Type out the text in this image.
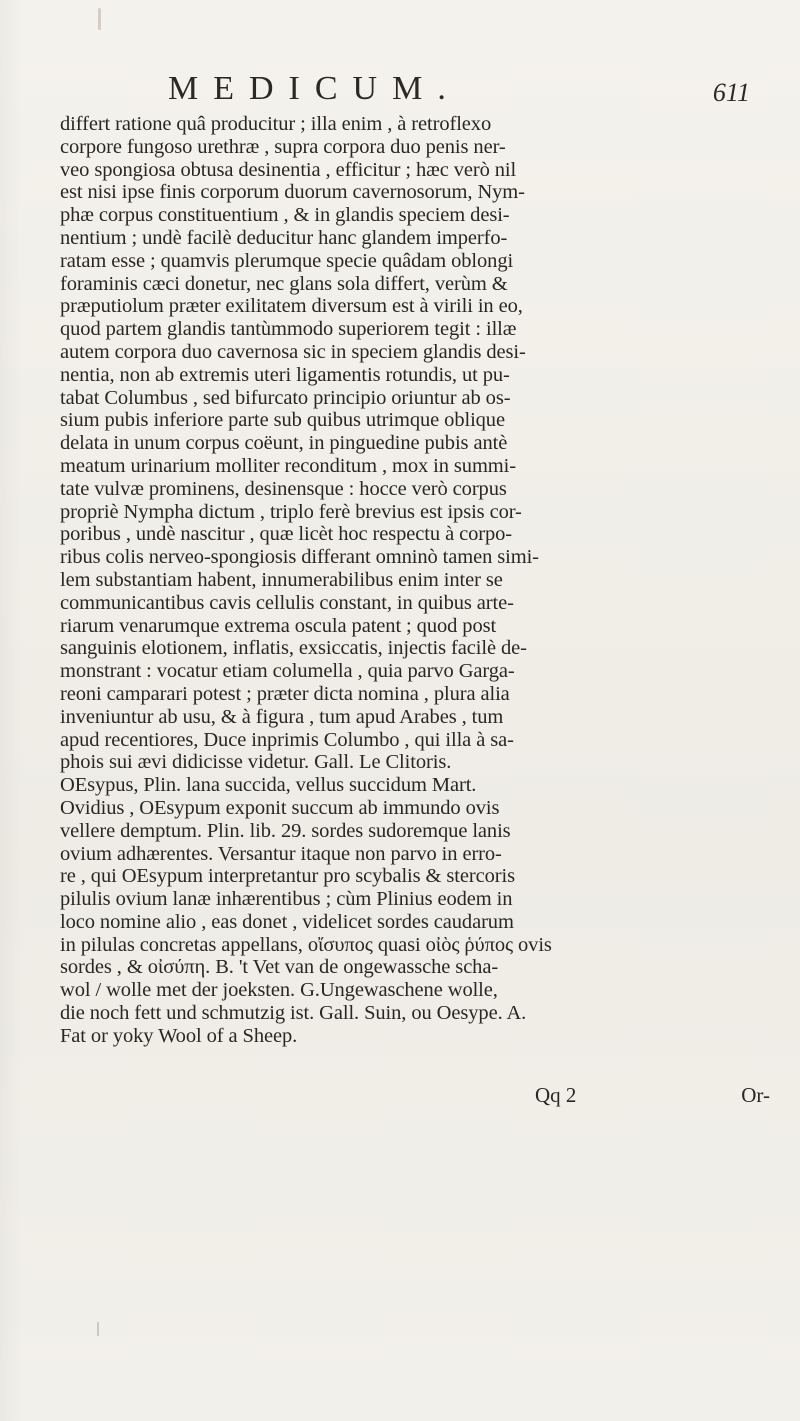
MEDICUM.	611
differt ratione quâ producitur ; illa enim , à retroflexo
corpore fungoso urethræ , supra corpora duo penis ner-
veo spongiosa obtusa desinentia , efficitur ; hæc verò nil
est nisi ipse finis corporum duorum cavernosorum, Nym-
phæ corpus constituentium , & in glandis speciem desi-
nentium ; undè facilè deducitur hanc glandem imperfo-
ratam esse ; quamvis plerumque specie quâdam oblongi
foraminis cæci donetur, nec glans sola differt, verùm &
præputiolum præter exilitatem diversum est à virili in eo,
quod partem glandis tantùmmodo superiorem tegit : illæ
autem corpora duo cavernosa sic in speciem glandis desi-
nentia, non ab extremis uteri ligamentis rotundis, ut pu-
tabat Columbus , sed bifurcato principio oriuntur ab os-
sium pubis inferiore parte sub quibus utrimque oblique
delata in unum corpus coëunt, in pinguedine pubis antè
meatum urinarium molliter reconditum , mox in summi-
tate vulvæ prominens, desinensque : hocce verò corpus
propriè Nympha dictum , triplo ferè brevius est ipsis cor-
poribus , undè nascitur , quæ licèt hoc respectu à corpo-
ribus colis nerveo-spongiosis differant omninò tamen simi-
lem substantiam habent, innumerabilibus enim inter se
communicantibus cavis cellulis constant, in quibus arte-
riarum venarumque extrema oscula patent ; quod post
sanguinis elotionem, inflatis, exsiccatis, injectis facilè de-
monstrant : vocatur etiam columella , quia parvo Garga-
reoni camparari potest ; præter dicta nomina , plura alia
inveniuntur ab usu, & à figura , tum apud Arabes , tum
apud recentiores, Duce inprimis Columbo , qui illa à sa-
phois sui ævi didicisse videtur. Gall. Le Clitoris.
OEsypus, Plin. lana succida, vellus succidum Mart.
Ovidius , OEsypum exponit succum ab immundo ovis
vellere demptum. Plin. lib. 29. sordes sudoremque lanis
ovium adhærentes. Versantur itaque non parvo in erro-
re , qui OEsypum interpretantur pro scybalis & stercoris
pilulis ovium lanæ inhærentibus ; cùm Plinius eodem in
loco nomine alio , eas donet , videlicet sordes caudarum
in pilulas concretas appellans, οἴσυπος quasi οἰὸς ῥύπος ovis
sordes , & οἰσύπη. B. 't Vet van de ongewassche scha-
wol / wolle met der joeksten. G.Ungewaschene wolle,
die noch fett und schmutzig ist. Gall. Suin, ou Oesype. A.
Fat or yoky Wool of a Sheep.
Qq 2	Or-
